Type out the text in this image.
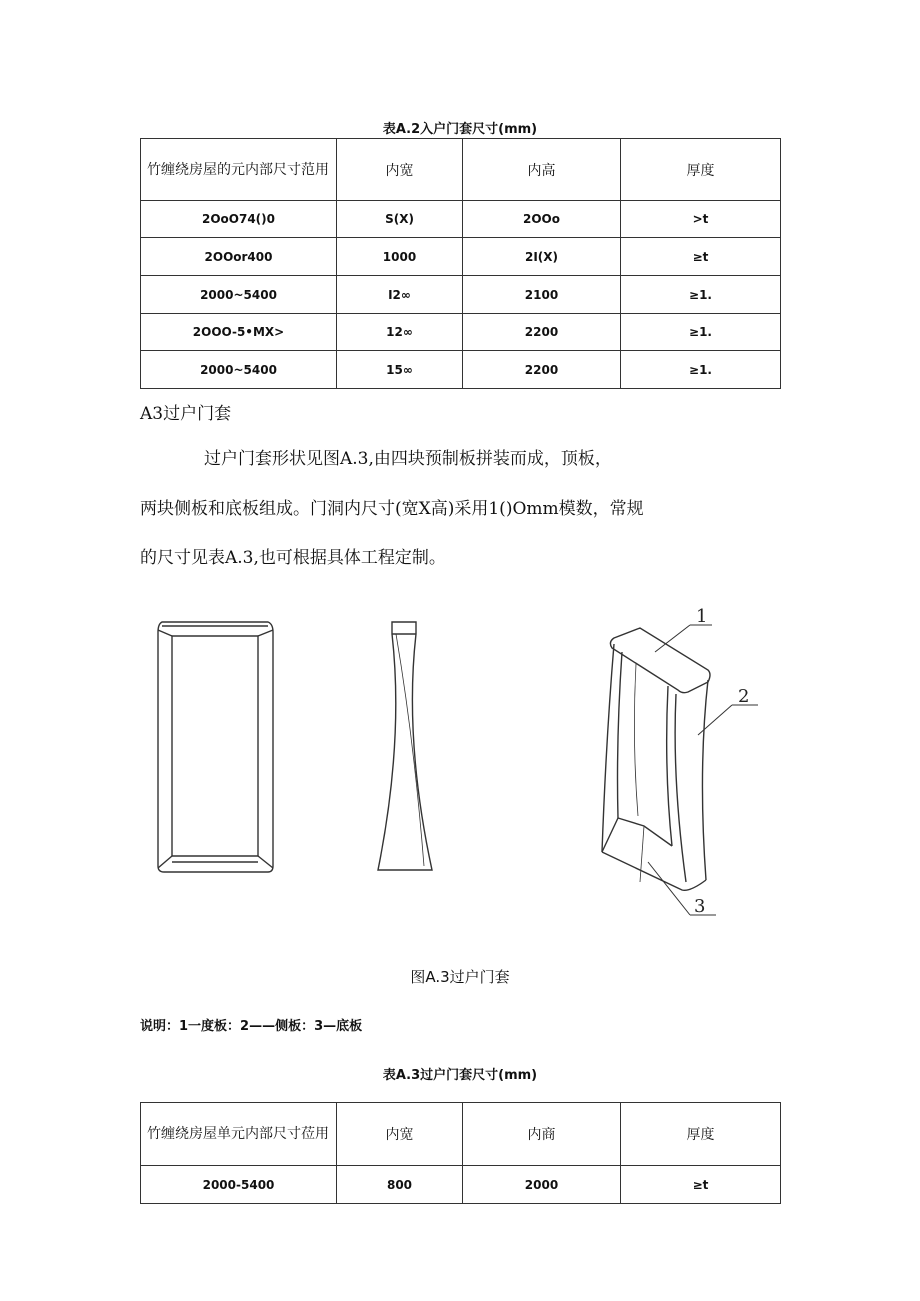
表A.2入户门套尺寸(mm)
竹缠绕房屋的元内部尺寸范用	内宽	内高	厚度
2OoO74()0	S(X)	2OOo	>t
2OOor400	1000	2I(X)	≥t
2000~5400	I2∞	2100	≥1.
2OOO-5•MX>	12∞	2200	≥1.
2000~5400	15∞	2200	≥1.
A3过户门套
过户门套形状见图A.3,由四块预制板拼装而成，顶板，
两块侧板和底板组成。门洞内尺寸(宽X高)采用1()Omm模数，常规
的尺寸见表A.3,也可根据具体工程定制。
1
2
3
图A.3过户门套
说明：1一度板：2——侧板：3—底板
表A.3过户门套尺寸(mm)
竹缠绕房屋单元内部尺寸莅用	内宽	内商	厚度
2000-5400	800	2000	≥t
